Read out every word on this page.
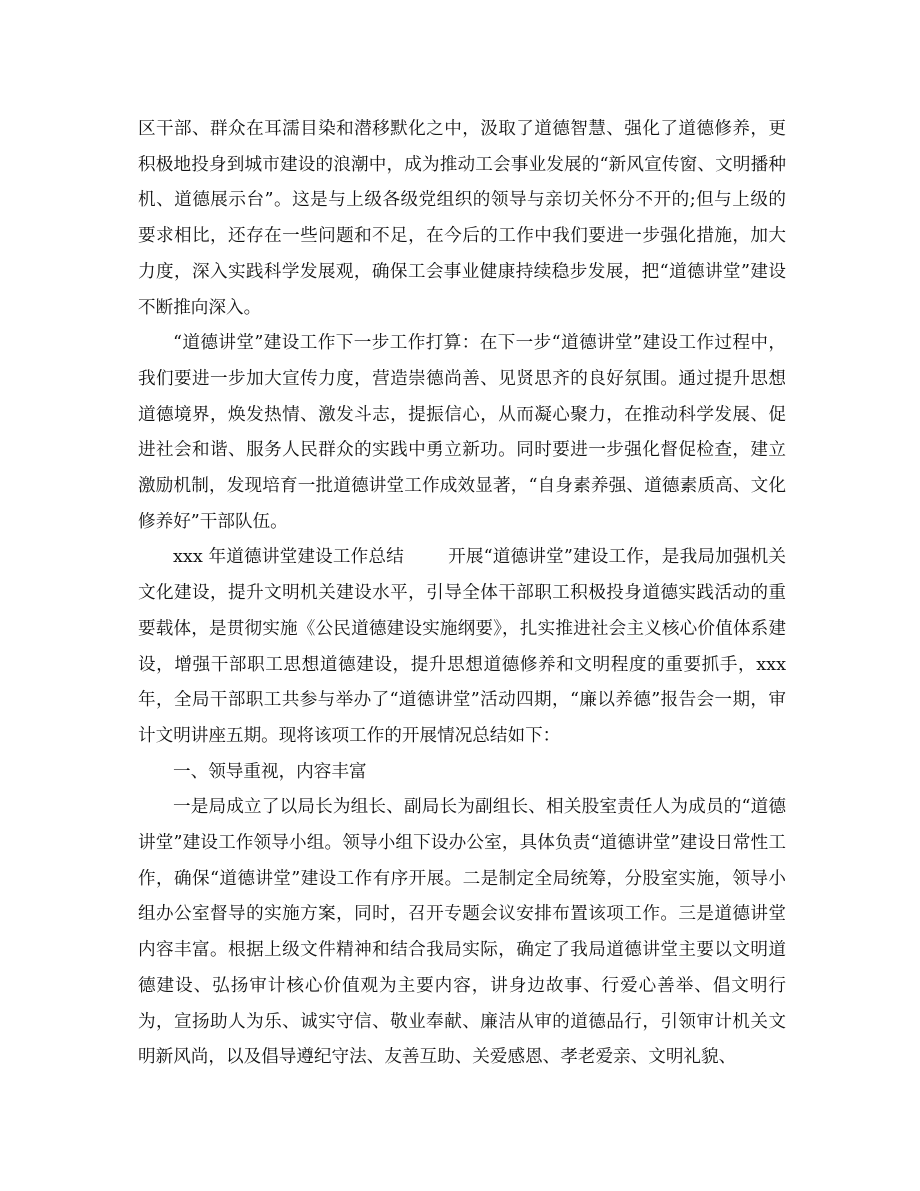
区干部、群众在耳濡目染和潜移默化之中，汲取了道德智慧、强化了道德修养，更积极地投身到城市建设的浪潮中，成为推动工会事业发展的“新风宣传窗、文明播种机、道德展示台”。这是与上级各级党组织的领导与亲切关怀分不开的;但与上级的要求相比，还存在一些问题和不足，在今后的工作中我们要进一步强化措施，加大力度，深入实践科学发展观，确保工会事业健康持续稳步发展，把“道德讲堂”建设不断推向深入。

“道德讲堂”建设工作下一步工作打算：在下一步“道德讲堂”建设工作过程中，我们要进一步加大宣传力度，营造崇德尚善、见贤思齐的良好氛围。通过提升思想道德境界，焕发热情、激发斗志，提振信心，从而凝心聚力，在推动科学发展、促进社会和谐、服务人民群众的实践中勇立新功。同时要进一步强化督促检查，建立激励机制，发现培育一批道德讲堂工作成效显著，“自身素养强、道德素质高、文化修养好”干部队伍。

xxx 年道德讲堂建设工作总结	开展“道德讲堂”建设工作，是我局加强机关文化建设，提升文明机关建设水平，引导全体干部职工积极投身道德实践活动的重要载体，是贯彻实施《公民道德建设实施纲要》，扎实推进社会主义核心价值体系建设，增强干部职工思想道德建设，提升思想道德修养和文明程度的重要抓手，xxx 年，全局干部职工共参与举办了“道德讲堂”活动四期，“廉以养德”报告会一期，审计文明讲座五期。现将该项工作的开展情况总结如下：

一、领导重视，内容丰富

一是局成立了以局长为组长、副局长为副组长、相关股室责任人为成员的“道德讲堂”建设工作领导小组。领导小组下设办公室，具体负责“道德讲堂”建设日常性工作，确保“道德讲堂”建设工作有序开展。二是制定全局统筹，分股室实施，领导小组办公室督导的实施方案，同时，召开专题会议安排布置该项工作。三是道德讲堂内容丰富。根据上级文件精神和结合我局实际，确定了我局道德讲堂主要以文明道德建设、弘扬审计核心价值观为主要内容，讲身边故事、行爱心善举、倡文明行为，宣扬助人为乐、诚实守信、敬业奉献、廉洁从审的道德品行，引领审计机关文明新风尚，以及倡导遵纪守法、友善互助、关爱感恩、孝老爱亲、文明礼貌、
